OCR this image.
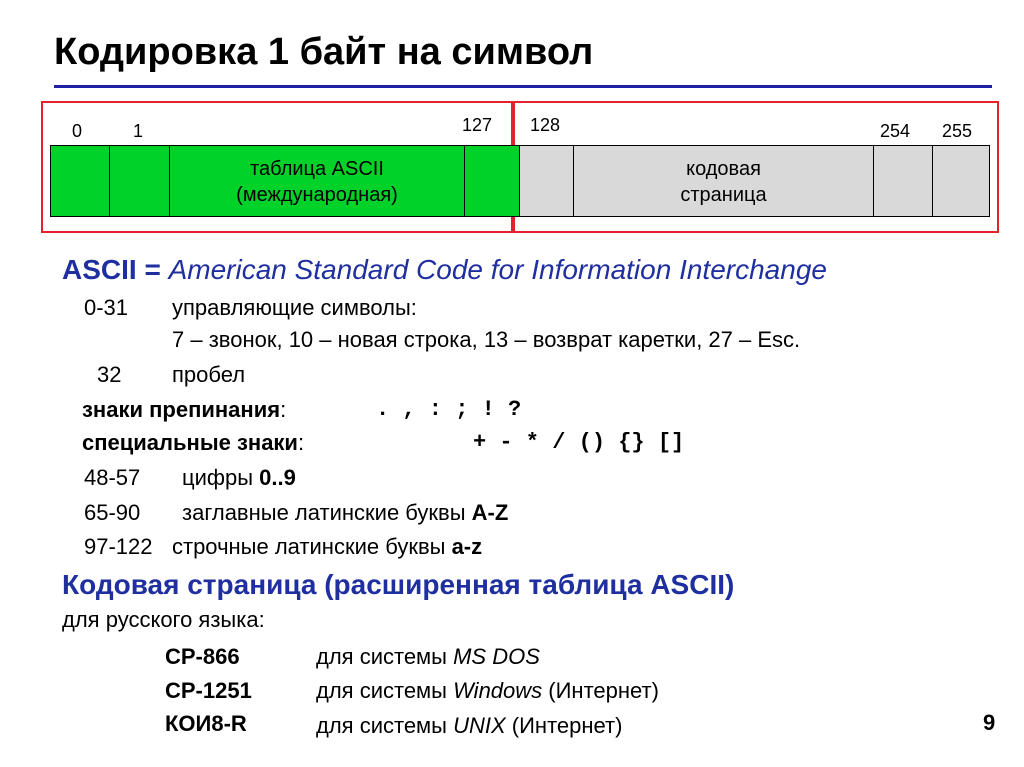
Кодировка 1 байт на символ
0	1	127 128	254 255
таблица ASCII
(международная)
кодовая
страница
ASCII = American Standard Code for Information Interchange
0-31 управляющие символы:
7 – звонок, 10 – новая строка, 13 – возврат каретки, 27 – Esc.
32 пробел
знаки препинания:	. , : ; ! ?
специальные знаки:	+ - * / () {} []
48-57 цифры 0..9
65-90 заглавные латинские буквы A-Z
97-122 строчные латинские буквы a-z
Кодовая страница (расширенная таблица ASCII)
для русского языка:
CP-866	для системы MS DOS
CP-1251	для системы Windows (Интернет)
КОИ8-R	для системы UNIX (Интернет)	9
